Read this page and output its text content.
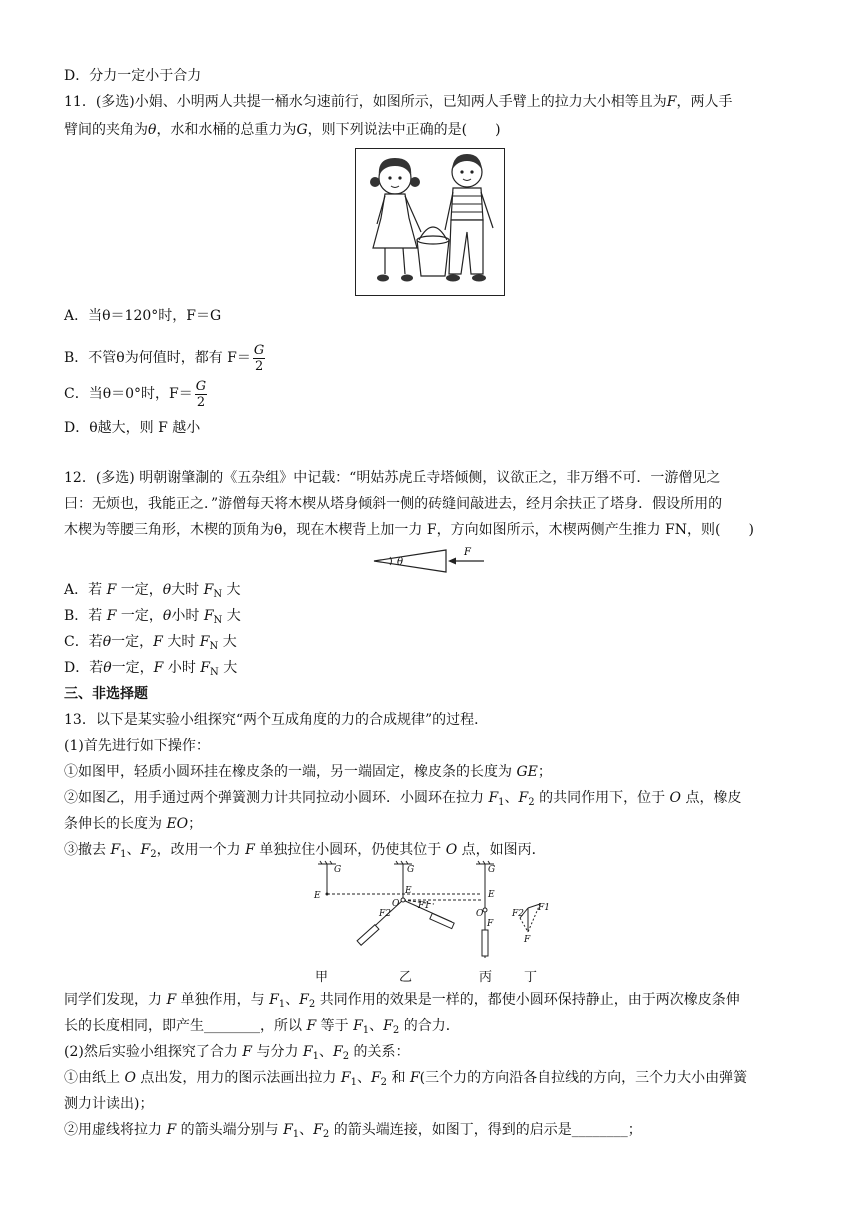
D．分力一定小于合力
11．(多选)小娟、小明两人共提一桶水匀速前行，如图所示，已知两人手臂上的拉力大小相等且为F，两人手
臂间的夹角为θ，水和水桶的总重力为G，则下列说法中正确的是(　　)
A．当θ＝120°时，F＝G
B．不管θ为何值时，都有 $F= \frac{G}{2}$
C．当θ＝0°时，$F= \frac{G}{2}$
D．θ越大，则 F 越小
12．(多选) 明朝谢肇淛的《五杂组》中记载：“明姑苏虎丘寺塔倾侧，议欲正之，非万缗不可．一游僧见之
曰：无烦也，我能正之．”游僧每天将木楔从塔身倾斜一侧的砖缝间敲进去，经月余扶正了塔身．假设所用的
木楔为等腰三角形，木楔的顶角为θ，现在木楔背上加一力 F，方向如图所示，木楔两侧产生推力 FN，则(　　)
θ
F
A．若 F 一定，θ大时 $F_N$ 大
B．若 F 一定，θ小时 $F_N$ 大
C．若θ一定，F 大时 $F_N$ 大
D．若θ一定，F 小时 $F_N$ 大
三、非选择题
13．以下是某实验小组探究“两个互成角度的力的合成规律”的过程．
(1)首先进行如下操作：
①如图甲，轻质小圆环挂在橡皮条的一端，另一端固定，橡皮条的长度为 GE；
②如图乙，用手通过两个弹簧测力计共同拉动小圆环．小圆环在拉力 $F_1$、$F_2$ 的共同作用下，位于 O 点，橡皮
条伸长的长度为 EO；
③撤去 $F_1$、$F_2$，改用一个力 F 单独拉住小圆环，仍使其位于 O 点，如图丙．
G
E
G
E
O
F2
F1
G
E
O
F
F2
F1
F
甲	乙	丙 丁
同学们发现，力 F 单独作用，与 $F_1$、$F_2$ 共同作用的效果是一样的，都使小圆环保持静止，由于两次橡皮条伸
长的长度相同，即产生________，所以 F 等于 $F_1$、$F_2$ 的合力．
(2)然后实验小组探究了合力 F 与分力 $F_1$、$F_2$ 的关系：
①由纸上 O 点出发，用力的图示法画出拉力 $F_1$、$F_2$ 和 F(三个力的方向沿各自拉线的方向，三个力大小由弹簧
测力计读出)；
②用虚线将拉力 F 的箭头端分别与 $F_1$、$F_2$ 的箭头端连接，如图丁，得到的启示是________；
